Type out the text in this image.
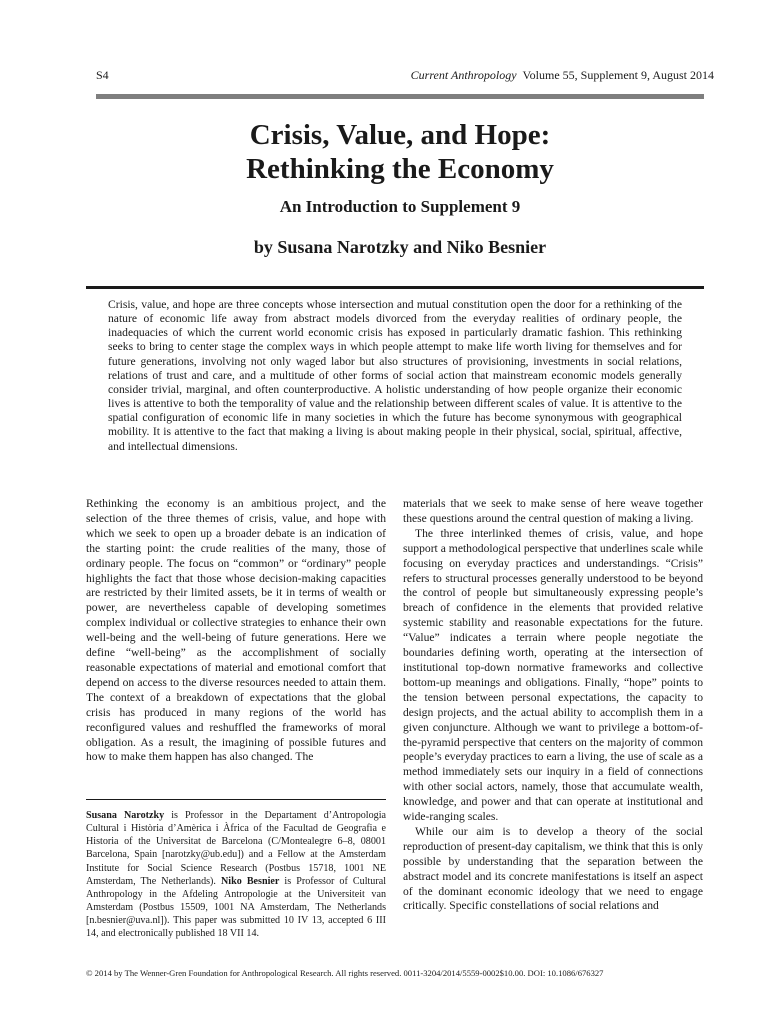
S4	Current Anthropology Volume 55, Supplement 9, August 2014
Crisis, Value, and Hope:
Rethinking the Economy
An Introduction to Supplement 9
by Susana Narotzky and Niko Besnier
Crisis, value, and hope are three concepts whose intersection and mutual constitution open the door for a rethinking of the nature of economic life away from abstract models divorced from the everyday realities of ordinary people, the inadequacies of which the current world economic crisis has exposed in particularly dramatic fashion. This rethinking seeks to bring to center stage the complex ways in which people attempt to make life worth living for themselves and for future generations, involving not only waged labor but also structures of provisioning, investments in social relations, relations of trust and care, and a multitude of other forms of social action that mainstream economic models generally consider trivial, marginal, and often counterproductive. A holistic understanding of how people organize their economic lives is attentive to both the temporality of value and the relationship between different scales of value. It is attentive to the spatial configuration of economic life in many societies in which the future has become synonymous with geographical mobility. It is attentive to the fact that making a living is about making people in their physical, social, spiritual, affective, and intellectual dimensions.

Rethinking the economy is an ambitious project, and the selection of the three themes of crisis, value, and hope with which we seek to open up a broader debate is an indication of the starting point: the crude realities of the many, those of ordinary people. The focus on “common” or “ordinary” people highlights the fact that those whose decision-making capacities are restricted by their limited assets, be it in terms of wealth or power, are nevertheless capable of developing sometimes complex individual or collective strategies to enhance their own well-being and the well-being of future generations. Here we define “well-being” as the accomplishment of socially reasonable expectations of material and emotional comfort that depend on access to the diverse resources needed to attain them. The context of a breakdown of expectations that the global crisis has produced in many regions of the world has reconfigured values and reshuffled the frameworks of moral obligation. As a result, the imagining of possible futures and how to make them happen has also changed. The

Susana Narotzky is Professor in the Departament d’Antropologia Cultural i Història d’Amèrica i Àfrica of the Facultad de Geografia e Historia of the Universitat de Barcelona (C/Montealegre 6–8, 08001 Barcelona, Spain [narotzky@ub.edu]) and a Fellow at the Amsterdam Institute for Social Science Research (Postbus 15718, 1001 NE Amsterdam, The Netherlands). Niko Besnier is Professor of Cultural Anthropology in the Afdeling Antropologie at the Universiteit van Amsterdam (Postbus 15509, 1001 NA Amsterdam, The Netherlands [n.besnier@uva.nl]). This paper was submitted 10 IV 13, accepted 6 III 14, and electronically published 18 VII 14.

materials that we seek to make sense of here weave together these questions around the central question of making a living.

The three interlinked themes of crisis, value, and hope support a methodological perspective that underlines scale while focusing on everyday practices and understandings. “Crisis” refers to structural processes generally understood to be beyond the control of people but simultaneously expressing people’s breach of confidence in the elements that provided relative systemic stability and reasonable expectations for the future. “Value” indicates a terrain where people negotiate the boundaries defining worth, operating at the intersection of institutional top-down normative frameworks and collective bottom-up meanings and obligations. Finally, “hope” points to the tension between personal expectations, the capacity to design projects, and the actual ability to accomplish them in a given conjuncture. Although we want to privilege a bottom-of-the-pyramid perspective that centers on the majority of common people’s everyday practices to earn a living, the use of scale as a method immediately sets our inquiry in a field of connections with other social actors, namely, those that accumulate wealth, knowledge, and power and that can operate at institutional and wide-ranging scales.

While our aim is to develop a theory of the social reproduction of present-day capitalism, we think that this is only possible by understanding that the separation between the abstract model and its concrete manifestations is itself an aspect of the dominant economic ideology that we need to engage critically. Specific constellations of social relations and

© 2014 by The Wenner-Gren Foundation for Anthropological Research. All rights reserved. 0011-3204/2014/5559-0002$10.00. DOI: 10.1086/676327
